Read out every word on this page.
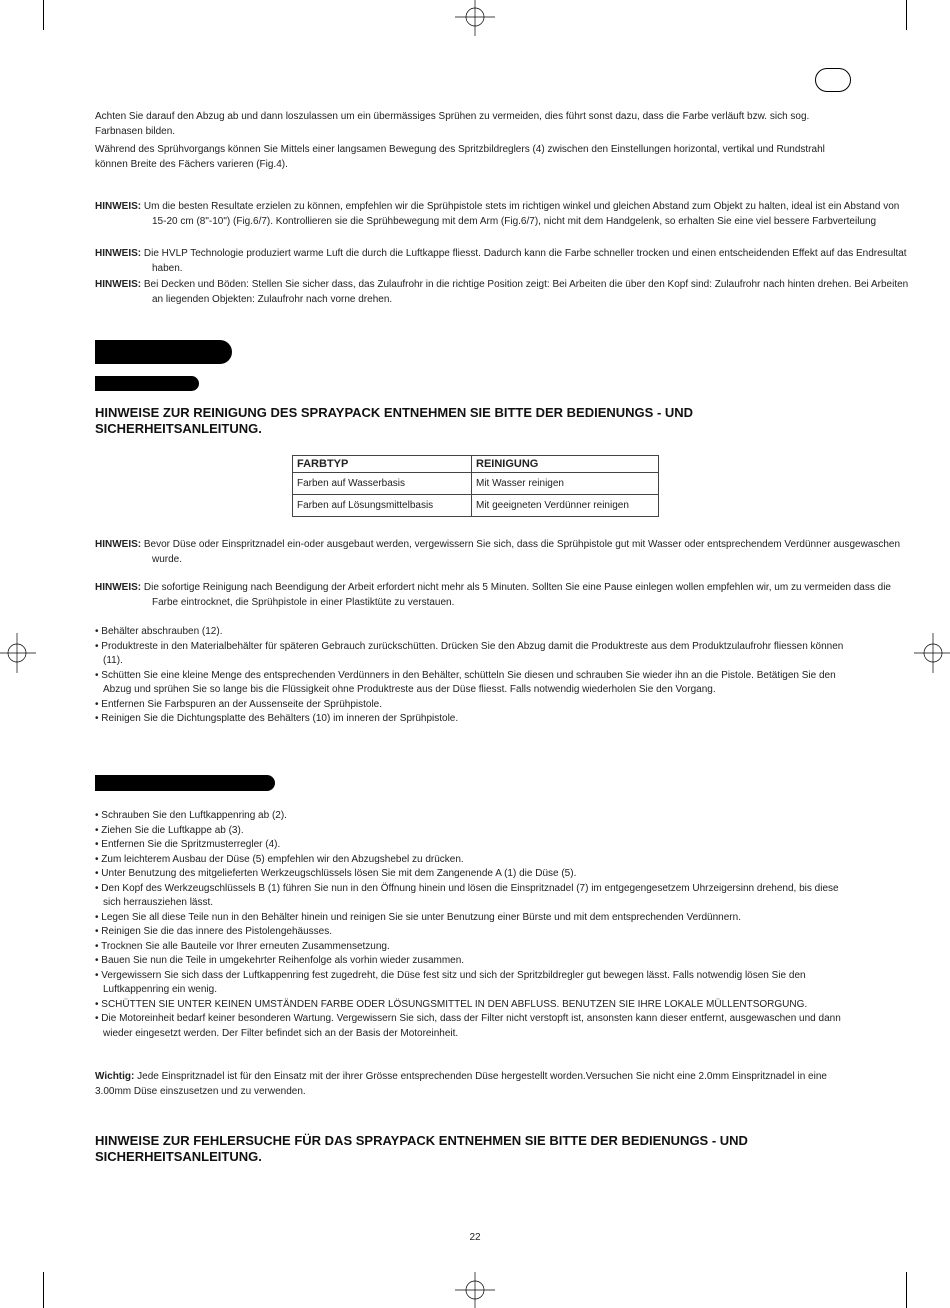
Achten Sie darauf den Abzug ab und dann loszulassen um ein übermässiges Sprühen zu vermeiden, dies führt sonst dazu, dass die Farbe verläuft bzw. sich sog. Farbnasen bilden.
Während des Sprühvorgangs können Sie Mittels einer langsamen Bewegung des Spritzbildreglers (4) zwischen den Einstellungen horizontal, vertikal und Rundstrahl können Breite des Fächers varieren (Fig.4).
HINWEIS: Um die besten Resultate erzielen zu können, empfehlen wir die Sprühpistole stets im richtigen winkel und gleichen Abstand zum Objekt zu halten, ideal ist ein Abstand von 15-20 cm (8"-10") (Fig.6/7). Kontrollieren sie die Sprühbewegung mit dem Arm (Fig.6/7), nicht mit dem Handgelenk, so erhalten Sie eine viel bessere Farbverteilung
HINWEIS: Die HVLP Technologie produziert warme Luft die durch die Luftkappe fliesst. Dadurch kann die Farbe schneller trocken und einen entscheidenden Effekt auf das Endresultat haben.
HINWEIS: Bei Decken und Böden: Stellen Sie sicher dass, das Zulaufrohr in die richtige Position zeigt: Bei Arbeiten die über den Kopf sind: Zulaufrohr nach hinten drehen. Bei Arbeiten an liegenden Objekten: Zulaufrohr nach vorne drehen.
HINWEISE ZUR REINIGUNG DES SPRAYPACK ENTNEHMEN SIE BITTE DER BEDIENUNGS - UND SICHERHEITSANLEITUNG.
FARBTYP	REINIGUNG
Farben auf Wasserbasis	Mit Wasser reinigen
Farben auf Lösungsmittelbasis	Mit geeigneten Verdünner reinigen
HINWEIS: Bevor Düse oder Einspritznadel ein-oder ausgebaut werden, vergewissern Sie sich, dass die Sprühpistole gut mit Wasser oder entsprechendem Verdünner ausgewaschen wurde.
HINWEIS: Die sofortige Reinigung nach Beendigung der Arbeit erfordert nicht mehr als 5 Minuten. Sollten Sie eine Pause einlegen wollen empfehlen wir, um zu vermeiden dass die Farbe eintrocknet, die Sprühpistole in einer Plastiktüte zu verstauen.
• Behälter abschrauben (12).
• Produktreste in den Materialbehälter für späteren Gebrauch zurückschütten. Drücken Sie den Abzug damit die Produktreste aus dem Produktzulaufrohr fliessen können (11).
• Schütten Sie eine kleine Menge des entsprechenden Verdünners in den Behälter, schütteln Sie diesen und schrauben Sie wieder ihn an die Pistole. Betätigen Sie den Abzug und sprühen Sie so lange bis die Flüssigkeit ohne Produktreste aus der Düse fliesst. Falls notwendig wiederholen Sie den Vorgang.
• Entfernen Sie Farbspuren an der Aussenseite der Sprühpistole.
• Reinigen Sie die Dichtungsplatte des Behälters (10) im inneren der Sprühpistole.
• Schrauben Sie den Luftkappenring ab (2).
• Ziehen Sie die Luftkappe ab (3).
• Entfernen Sie die Spritzmusterregler (4).
• Zum leichterem Ausbau der Düse (5) empfehlen wir den Abzugshebel zu drücken.
• Unter Benutzung des mitgelieferten Werkzeugschlüssels lösen Sie mit dem Zangenende A (1) die Düse (5).
• Den Kopf des Werkzeugschlüssels B (1) führen Sie nun in den Öffnung hinein und lösen die Einspritznadel (7) im entgegengesetzem Uhrzeigersinn drehend, bis diese sich herrausziehen lässt.
• Legen Sie all diese Teile nun in den Behälter hinein und reinigen Sie sie unter Benutzung einer Bürste und mit dem entsprechenden Verdünnern.
• Reinigen Sie die das innere des Pistolengehäusses.
• Trocknen Sie alle Bauteile vor Ihrer erneuten Zusammensetzung.
• Bauen Sie nun die Teile in umgekehrter Reihenfolge als vorhin wieder zusammen.
• Vergewissern Sie sich dass der Luftkappenring fest zugedreht, die Düse fest sitz und sich der Spritzbildregler gut bewegen lässt. Falls notwendig lösen Sie den Luftkappenring ein wenig.
• SCHÜTTEN SIE UNTER KEINEN UMSTÄNDEN FARBE ODER LÖSUNGSMITTEL IN DEN ABFLUSS. BENUTZEN SIE IHRE LOKALE MÜLLENTSORGUNG.
• Die Motoreinheit bedarf keiner besonderen Wartung. Vergewissern Sie sich, dass der Filter nicht verstopft ist, ansonsten kann dieser entfernt, ausgewaschen und dann wieder eingesetzt werden. Der Filter befindet sich an der Basis der Motoreinheit.
Wichtig: Jede Einspritznadel ist für den Einsatz mit der ihrer Grösse entsprechenden Düse hergestellt worden.Versuchen Sie nicht eine 2.0mm Einspritznadel in eine 3.00mm Düse einszusetzen und zu verwenden.
HINWEISE ZUR FEHLERSUCHE FÜR DAS SPRAYPACK ENTNEHMEN SIE BITTE DER BEDIENUNGS - UND SICHERHEITSANLEITUNG.
22
